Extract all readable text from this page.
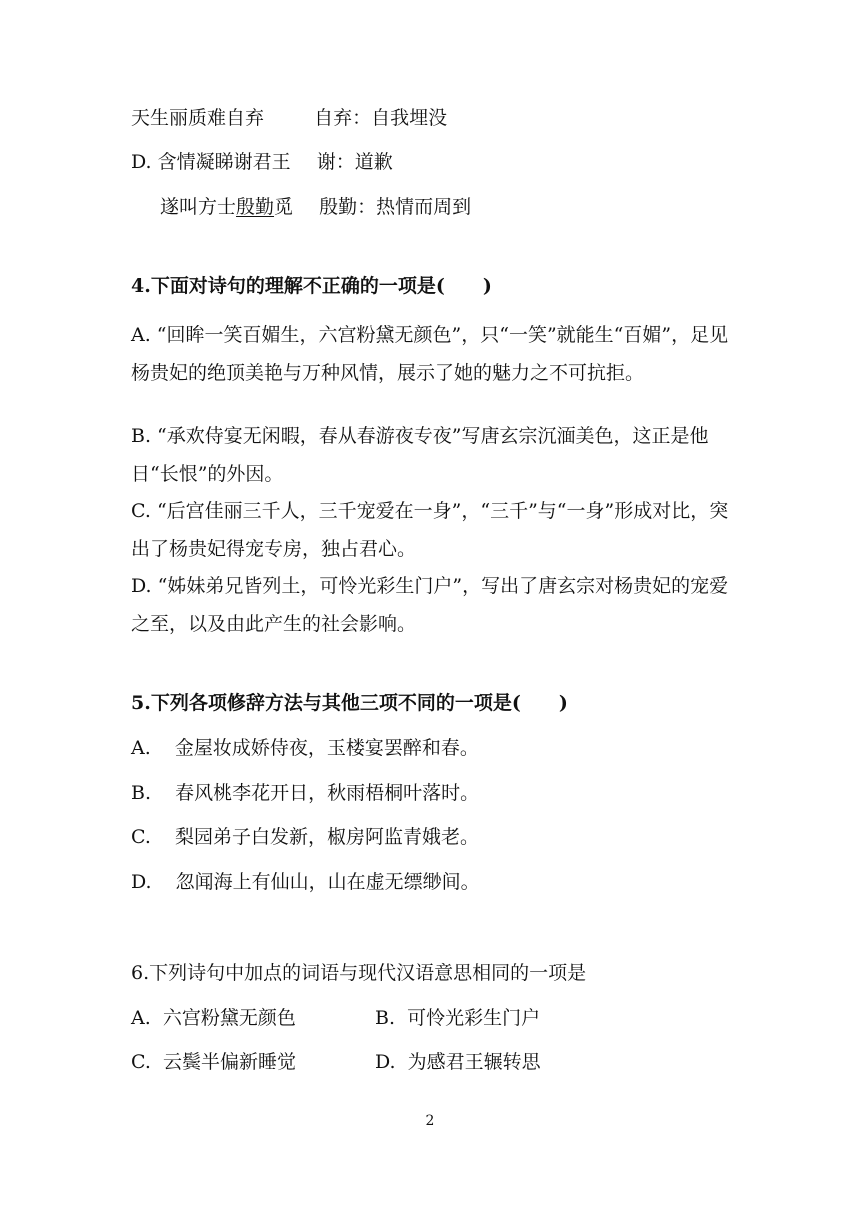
天生丽质难自弃	自弃：自我埋没
D. 含情凝睇谢君王 谢：道歉
遂叫方士殷勤觅 殷勤：热情而周到
4.下面对诗句的理解不正确的一项是(　　)
A. “回眸一笑百媚生，六宫粉黛无颜色”，只“一笑”就能生“百媚”，足见杨贵妃的绝顶美艳与万种风情，展示了她的魅力之不可抗拒。
B. “承欢侍宴无闲暇，春从春游夜专夜”写唐玄宗沉湎美色，这正是他日“长恨”的外因。
C. “后宫佳丽三千人，三千宠爱在一身”，“三千”与“一身”形成对比，突出了杨贵妃得宠专房，独占君心。
D. “姊妹弟兄皆列土，可怜光彩生门户”，写出了唐玄宗对杨贵妃的宠爱之至，以及由此产生的社会影响。
5.下列各项修辞方法与其他三项不同的一项是(　　)
A. 金屋妆成娇侍夜，玉楼宴罢醉和春。
B. 春风桃李花开日，秋雨梧桐叶落时。
C. 梨园弟子白发新，椒房阿监青娥老。
D. 忽闻海上有仙山，山在虚无缥缈间。
6.下列诗句中加点的词语与现代汉语意思相同的一项是
A. 六宫粉黛无颜色	B. 可怜光彩生门户
C. 云鬓半偏新睡觉	D. 为感君王辗转思
2
